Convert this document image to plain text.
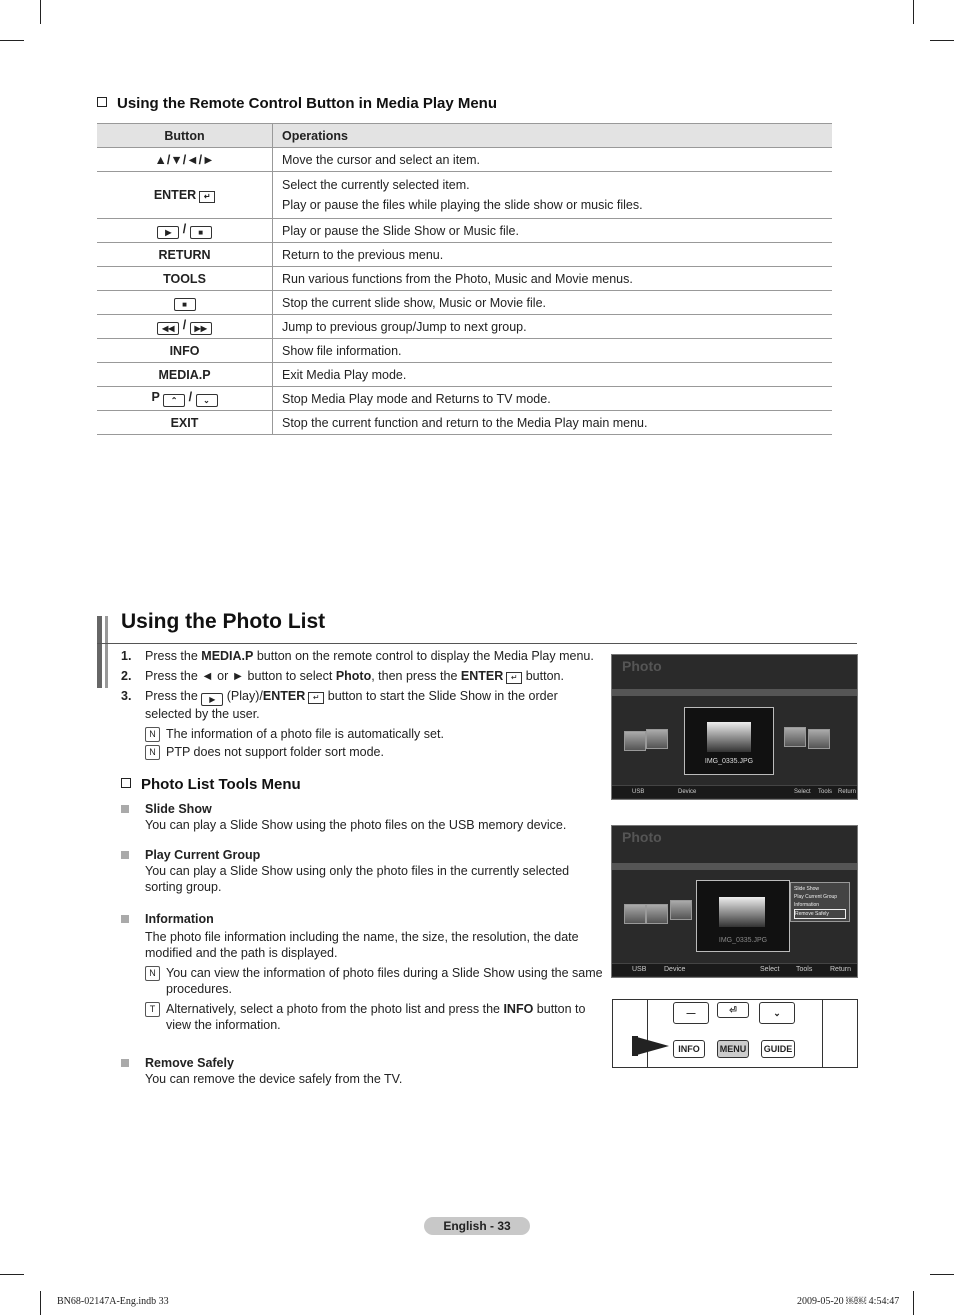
Using the Remote Control Button in Media Play Menu
Button	Operations
▲/▼/◄/►	Move the cursor and select an item.
ENTER ↵	Select the currently selected item.
Play or pause the files while playing the slide show or music files.

▶ / ■	Play or pause the Slide Show or Music file.
RETURN	Return to the previous menu.
TOOLS	Run various functions from the Photo, Music and Movie menus.
■	Stop the current slide show, Music or Movie file.
◀◀ / ▶▶	Jump to previous group/Jump to next group.
INFO	Show file information.
MEDIA.P	Exit Media Play mode.
P ⌃ / ⌄	Stop Media Play mode and Returns to TV mode.
EXIT	Stop the current function and return to the Media Play main menu.
Using the Photo List
1.	Press the MEDIA.P button on the remote control to display the Media Play menu.
2.	Press the ◄ or ► button to select Photo, then press the ENTER ↵ button.
3.	Press the ▶ (Play)/ENTER ↵ button to start the Slide Show in the order selected by the user.
N The information of a photo file is automatically set.
N PTP does not support folder sort mode.
Photo List Tools Menu
Slide Show
You can play a Slide Show using the photo files on the USB memory device.
Play Current Group
You can play a Slide Show using only the photo files in the currently selected sorting group.
Information
The photo file information including the name, the size, the resolution, the date modified and the path is displayed.
N You can view the information of photo files during a Slide Show using the same procedures.
T Alternatively, select a photo from the photo list and press the INFO button to view the information.
Remove Safely
You can remove the device safely from the TV.
Photo
IMG_0335.JPG
USB	Device	Select Tools Return
Photo
IMG_0335.JPG
Slide Show
Play Current Group
Information
Remove Safely
USB	Device	Select Tools	Return
—	⏎	⌄
INFO	MENU	GUIDE
English - 33
BN68-02147A-Eng.indb 33	2009-05-20 ￼￼ 4:54:47
